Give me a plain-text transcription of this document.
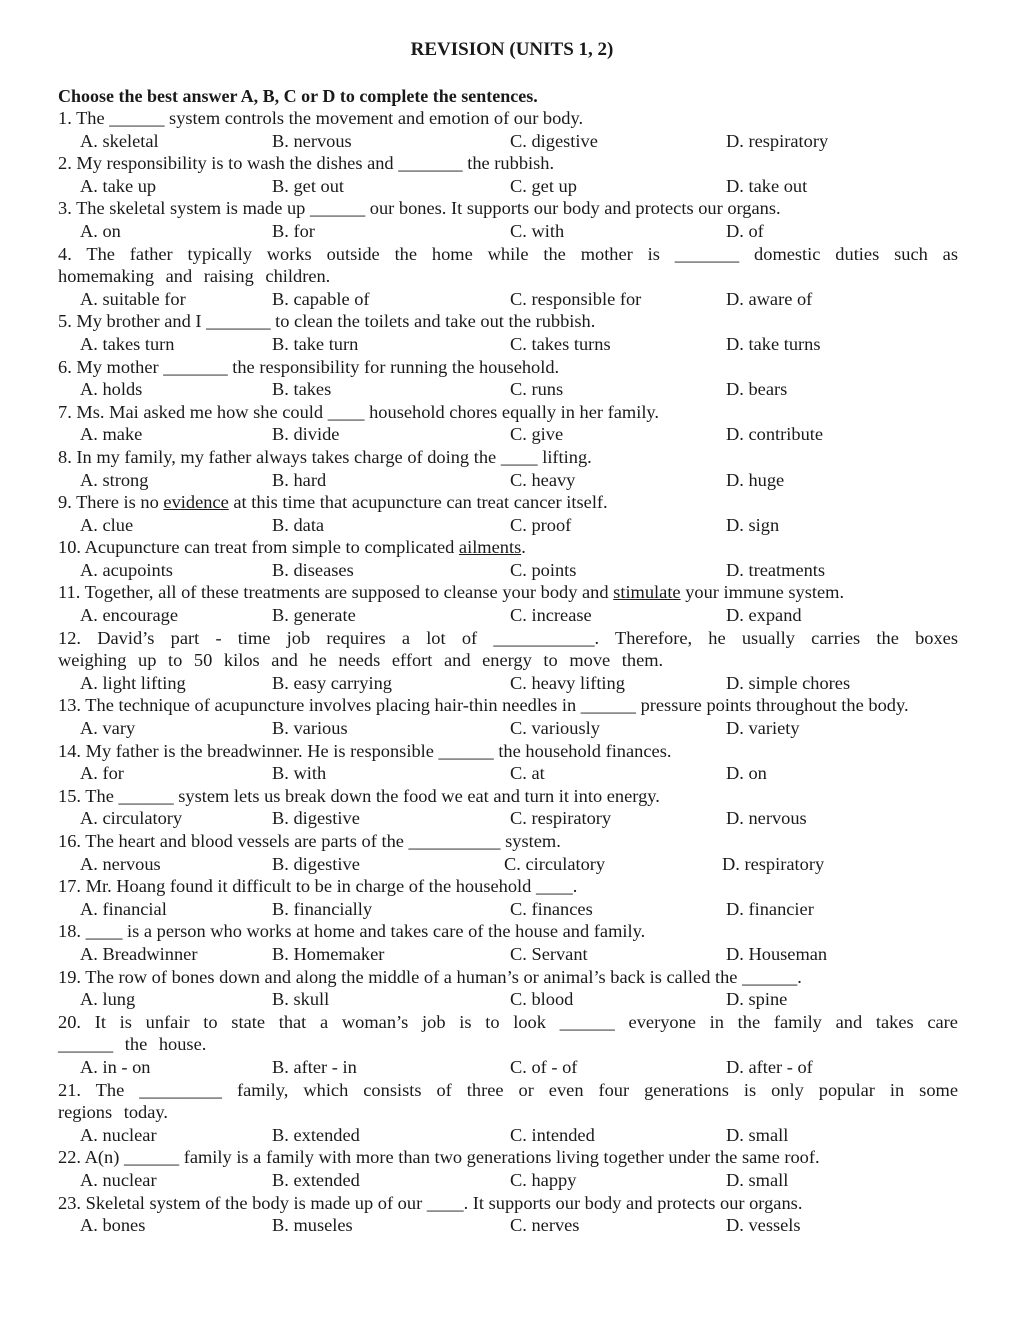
REVISION (UNITS 1, 2)
Choose the best answer A, B, C or D to complete the sentences.
1. The ______ system controls the movement and emotion of our body.
A. skeletal	B. nervous	C. digestive	D. respiratory
2. My responsibility is to wash the dishes and _______ the rubbish.
A. take up	B. get out	C. get up	D. take out
3. The skeletal system is made up ______ our bones. It supports our body and protects our organs.
A. on	B. for	C. with	D. of
4. The father typically works outside the home while the mother is _______ domestic duties such as homemaking and raising children.
A. suitable for	B. capable of	C. responsible for	D. aware of
5. My brother and I _______ to clean the toilets and take out the rubbish.
A. takes turn	B. take turn	C. takes turns	D. take turns
6. My mother _______ the responsibility for running the household.
A. holds	B. takes	C. runs	D. bears
7. Ms. Mai asked me how she could ____ household chores equally in her family.
A. make	B. divide	C. give	D. contribute
8. In my family, my father always takes charge of doing the ____ lifting.
A. strong	B. hard	C. heavy	D. huge
9. There is no evidence at this time that acupuncture can treat cancer itself.
A. clue	B. data	C. proof	D. sign
10. Acupuncture can treat from simple to complicated ailments.
A. acupoints	B. diseases	C. points	D. treatments
11. Together, all of these treatments are supposed to cleanse your body and stimulate your immune system.
A. encourage	B. generate	C. increase	D. expand
12. David’s part - time job requires a lot of ___________. Therefore, he usually carries the boxes weighing up to 50 kilos and he needs effort and energy to move them.
A. light lifting	B. easy carrying	C. heavy lifting	D. simple chores
13. The technique of acupuncture involves placing hair-thin needles in ______ pressure points throughout the body.
A. vary	B. various	C. variously	D. variety
14. My father is the breadwinner. He is responsible ______ the household finances.
A. for	B. with	C. at	D. on
15. The ______ system lets us break down the food we eat and turn it into energy.
A. circulatory	B. digestive	C. respiratory	D. nervous
16. The heart and blood vessels are parts of the __________ system.
A. nervous	B. digestive	C. circulatory	D. respiratory
17. Mr. Hoang found it difficult to be in charge of the household ____.
A. financial	B. financially	C. finances	D. financier
18. ____ is a person who works at home and takes care of the house and family.
A. Breadwinner	B. Homemaker	C. Servant	D. Houseman
19. The row of bones down and along the middle of a human’s or animal’s back is called the ______.
A. lung	B. skull	C. blood	D. spine
20. It is unfair to state that a woman’s job is to look ______ everyone in the family and takes care ______ the house.
A. in - on	B. after - in	C. of - of	D. after - of
21. The _________ family, which consists of three or even four generations is only popular in some regions today.
A. nuclear	B. extended	C. intended	D. small
22. A(n) ______ family is a family with more than two generations living together under the same roof.
A. nuclear	B. extended	C. happy	D. small
23. Skeletal system of the body is made up of our ____. It supports our body and protects our organs.
A. bones	B. museles	C. nerves	D. vessels
